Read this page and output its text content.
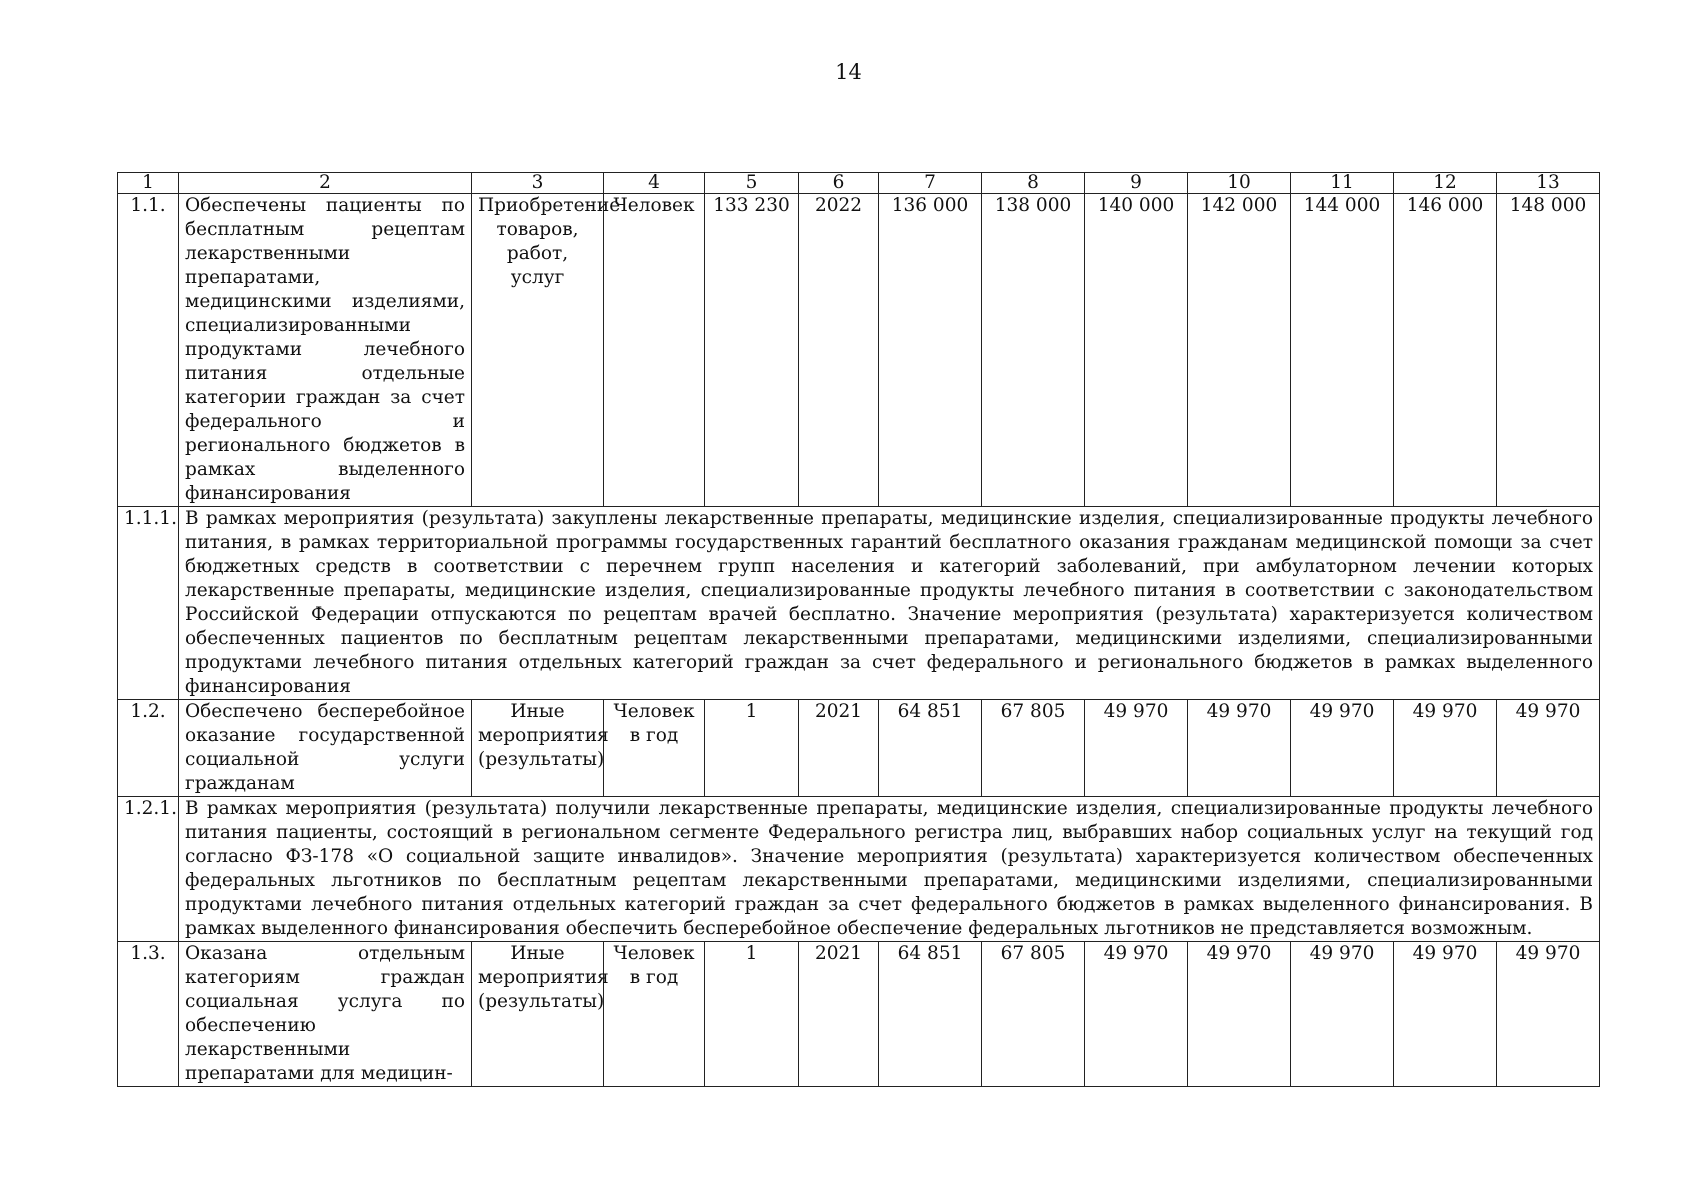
14
1	2	3	4	5	6	7	8	9	10	11	12	13
1.1.	Обеспечены пациенты по бесплатным рецептам лекарственными препаратами, медицинскими изделиями, специализированными продуктами лечебного питания отдельные категории граждан за счет федерального и регионального бюджетов в рамках выделенного финансирования	Приобретение товаров, работ, услуг	Человек	133 230	2022	136 000	138 000	140 000	142 000	144 000	146 000	148 000
1.1.1.	В рамках мероприятия (результата) закуплены лекарственные препараты, медицинские изделия, специализированные продукты лечебного питания, в рамках территориальной программы государственных гарантий бесплатного оказания гражданам медицинской помощи за счет бюджетных средств в соответствии с перечнем групп населения и категорий заболеваний, при амбулаторном лечении которых лекарственные препараты, медицинские изделия, специализированные продукты лечебного питания в соответствии с законодательством Российской Федерации отпускаются по рецептам врачей бесплатно. Значение мероприятия (результата) характеризуется количеством обеспеченных пациентов по бесплатным рецептам лекарственными препаратами, медицинскими изделиями, специализированными продуктами лечебного питания отдельных категорий граждан за счет федерального и регионального бюджетов в рамках выделенного финансирования											
1.2.	Обеспечено бесперебойное оказание государственной социальной услуги гражданам	Иные мероприятия (результаты)	Человек в год	1	2021	64 851	67 805	49 970	49 970	49 970	49 970	49 970
1.2.1.	В рамках мероприятия (результата) получили лекарственные препараты, медицинские изделия, специализированные продукты лечебного питания пациенты, состоящий в региональном сегменте Федерального регистра лиц, выбравших набор социальных услуг на текущий год согласно ФЗ-178 «О социальной защите инвалидов». Значение мероприятия (результата) характеризуется количеством обеспеченных федеральных льготников по бесплатным рецептам лекарственными препаратами, медицинскими изделиями, специализированными продуктами лечебного питания отдельных категорий граждан за счет федерального бюджетов в рамках выделенного финансирования. В рамках выделенного финансирования обеспечить бесперебойное обеспечение федеральных льготников не представляется возможным.											
1.3.	Оказана отдельным категориям граждан социальная услуга по обеспечению лекарственными препаратами для медицин-	Иные мероприятия (результаты)	Человек в год	1	2021	64 851	67 805	49 970	49 970	49 970	49 970	49 970
